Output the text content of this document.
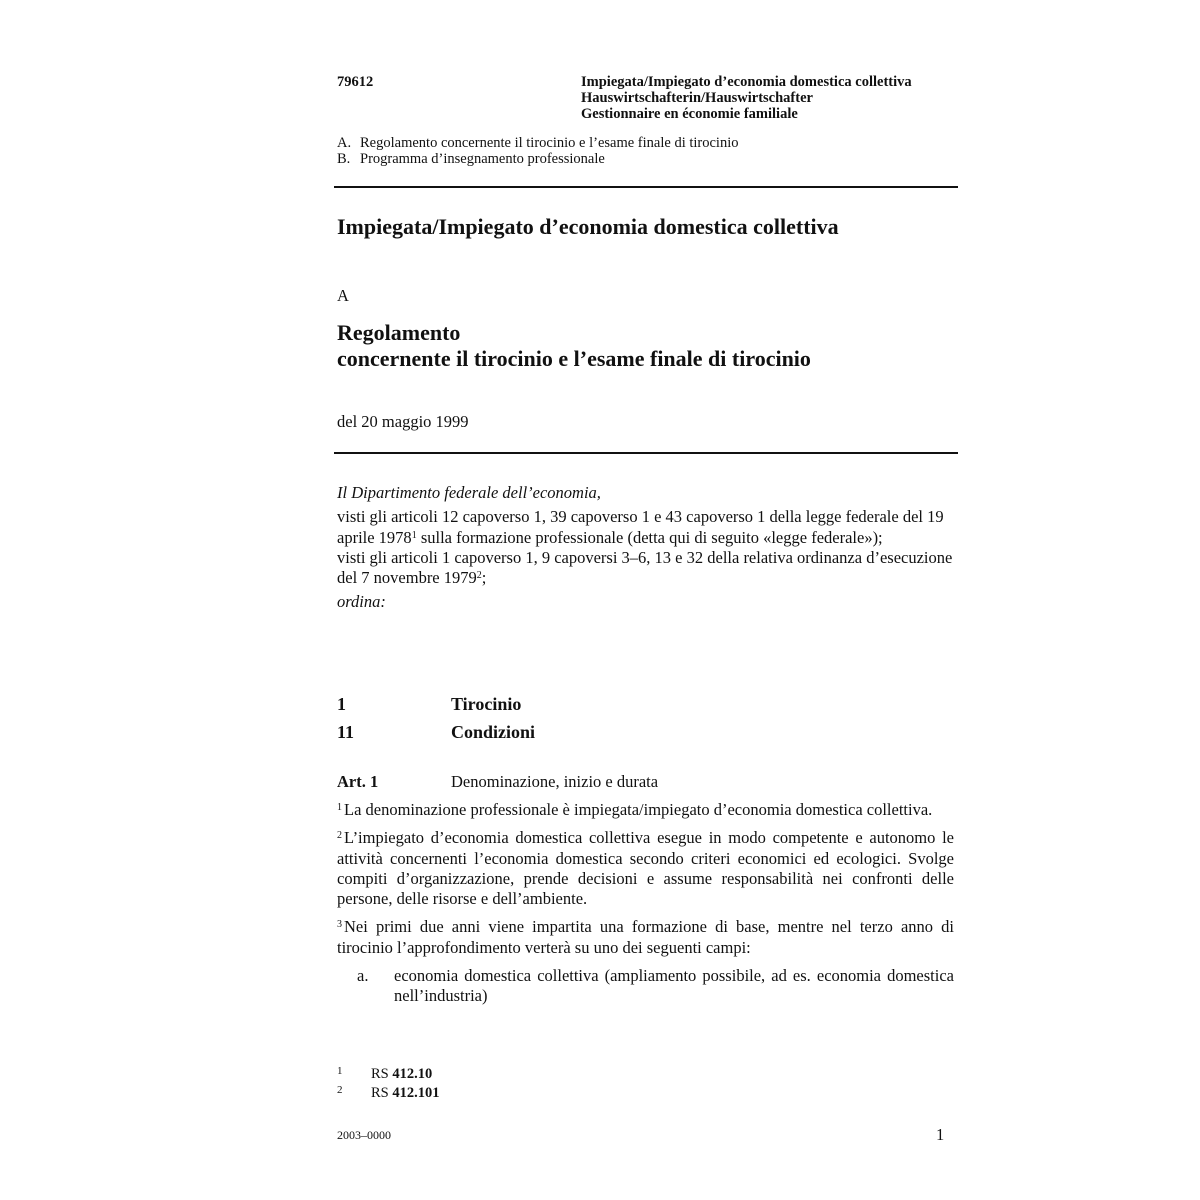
79612	Impiegata/Impiegato d’economia domestica collettiva
Hauswirtschafterin/Hauswirtschafter
Gestionnaire en économie familiale
A. Regolamento concernente il tirocinio e l’esame finale di tirocinio
B. Programma d’insegnamento professionale
Impiegata/Impiegato d’economia domestica collettiva
A
Regolamento
concernente il tirocinio e l’esame finale di tirocinio
del 20 maggio 1999

Il Dipartimento federale dell’economia,

visti gli articoli 12 capoverso 1, 39 capoverso 1 e 43 capoverso 1 della legge federale del 19 aprile 1978$^1$ sulla formazione professionale (detta qui di seguito «legge federale»);

visti gli articoli 1 capoverso 1, 9 capoversi 3–6, 13 e 32 della relativa ordinanza d’esecuzione del 7 novembre 1979$^2$;

ordina:

1	Tirocinio
11	Condizioni
Art. 1	Denominazione, inizio e durata

$^1$ La denominazione professionale è impiegata/impiegato d’economia domestica collettiva.

$^2$ L’impiegato d’economia domestica collettiva esegue in modo competente e autonomo le attività concernenti l’economia domestica secondo criteri economici ed ecologici. Svolge compiti d’organizzazione, prende decisioni e assume responsabilità nei confronti delle persone, delle risorse e dell’ambiente.

$^3$ Nei primi due anni viene impartita una formazione di base, mentre nel terzo anno di tirocinio l’approfondimento verterà su uno dei seguenti campi:

a.	economia domestica collettiva (ampliamento possibile, ad es. economia domestica nell’industria)
1 RS 412.10
2 RS 412.101
2003–0000	1
